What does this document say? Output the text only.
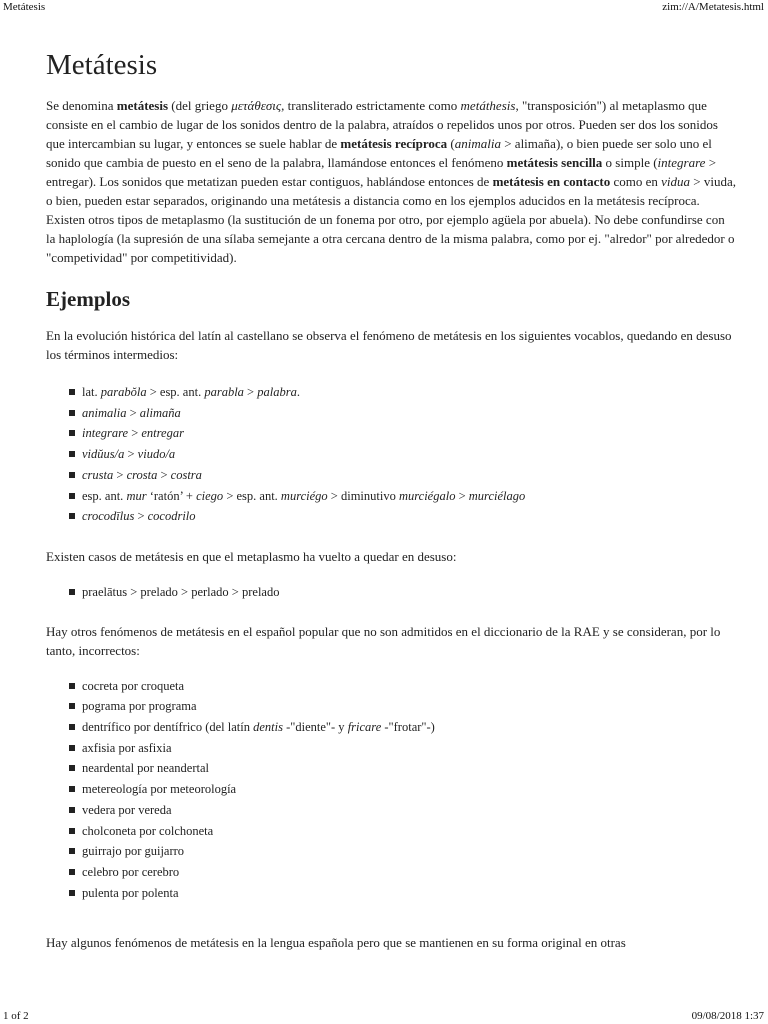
Metátesis	zim://A/Metatesis.html
Metátesis

Se denomina metátesis (del griego μετάθεσις, transliterado estrictamente como metáthesis, "transposición") al metaplasmo que consiste en el cambio de lugar de los sonidos dentro de la palabra, atraídos o repelidos unos por otros. Pueden ser dos los sonidos que intercambian su lugar, y entonces se suele hablar de metátesis recíproca (animalia > alimaña), o bien puede ser solo uno el sonido que cambia de puesto en el seno de la palabra, llamándose entonces el fenómeno metátesis sencilla o simple (integrare > entregar). Los sonidos que metatizan pueden estar contiguos, hablándose entonces de metátesis en contacto como en vidua > viuda, o bien, pueden estar separados, originando una metátesis a distancia como en los ejemplos aducidos en la metátesis recíproca. Existen otros tipos de metaplasmo (la sustitución de un fonema por otro, por ejemplo agüela por abuela). No debe confundirse con la haplología (la supresión de una sílaba semejante a otra cercana dentro de la misma palabra, como por ej. "alredor" por alrededor o "competividad" por competitividad).

Ejemplos

En la evolución histórica del latín al castellano se observa el fenómeno de metátesis en los siguientes vocablos, quedando en desuso los términos intermedios:

lat. parabŏla > esp. ant. parabla > palabra.
animalia > alimaña
integrare > entregar
vidŭus/a > viudo/a
crusta > crosta > costra
esp. ant. mur ‘ratón’ + ciego > esp. ant. murciégo > diminutivo murciégalo > murciélago
crocodīlus > cocodrilo

Existen casos de metátesis en que el metaplasmo ha vuelto a quedar en desuso:

praelātus > prelado > perlado > prelado

Hay otros fenómenos de metátesis en el español popular que no son admitidos en el diccionario de la RAE y se consideran, por lo tanto, incorrectos:

cocreta por croqueta
pograma por programa
dentrífico por dentífrico (del latín dentis -"diente"- y fricare -"frotar"-)
axfisia por asfixia
neardental por neandertal
metereología por meteorología
vedera por vereda
cholconeta por colchoneta
guirrajo por guijarro
celebro por cerebro
pulenta por polenta

Hay algunos fenómenos de metátesis en la lengua española pero que se mantienen en su forma original en otras

1 of 2	09/08/2018 1:37
